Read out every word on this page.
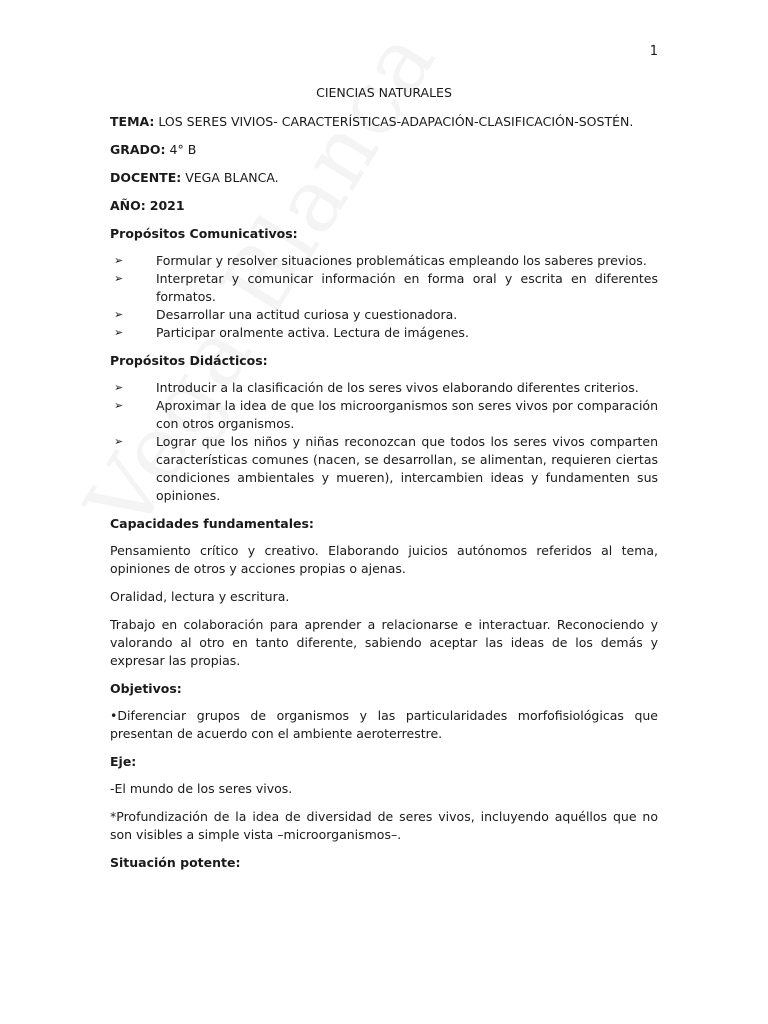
1
CIENCIAS NATURALES
TEMA: LOS SERES VIVIOS- CARACTERÍSTICAS-ADAPACIÓN-CLASIFICACIÓN-SOSTÉN.
GRADO: 4° B
DOCENTE: VEGA BLANCA.
AÑO: 2021
Propósitos Comunicativos:
➢	Formular y resolver situaciones problemáticas empleando los saberes previos.
➢	Interpretar y comunicar información en forma oral y escrita en diferentes formatos.
➢	Desarrollar una actitud curiosa y cuestionadora.
➢	Participar oralmente activa. Lectura de imágenes.
Propósitos Didácticos:
➢	Introducir a la clasificación de los seres vivos elaborando diferentes criterios.
➢	Aproximar la idea de que los microorganismos son seres vivos por comparación con otros organismos.
➢	Lograr que los niños y niñas reconozcan que todos los seres vivos comparten características comunes (nacen, se desarrollan, se alimentan, requieren ciertas condiciones ambientales y mueren), intercambien ideas y fundamenten sus opiniones.
Capacidades fundamentales:

Pensamiento crítico y creativo. Elaborando juicios autónomos referidos al tema, opiniones de otros y acciones propias o ajenas.

Oralidad, lectura y escritura.

Trabajo en colaboración para aprender a relacionarse e interactuar. Reconociendo y valorando al otro en tanto diferente, sabiendo aceptar las ideas de los demás y expresar las propias.

Objetivos:

•Diferenciar grupos de organismos y las particularidades morfofisiológicas que presentan de acuerdo con el ambiente aeroterrestre.

Eje:

-El mundo de los seres vivos.

*Profundización de la idea de diversidad de seres vivos, incluyendo aquéllos que no son visibles a simple vista –microorganismos–.

Situación potente:
